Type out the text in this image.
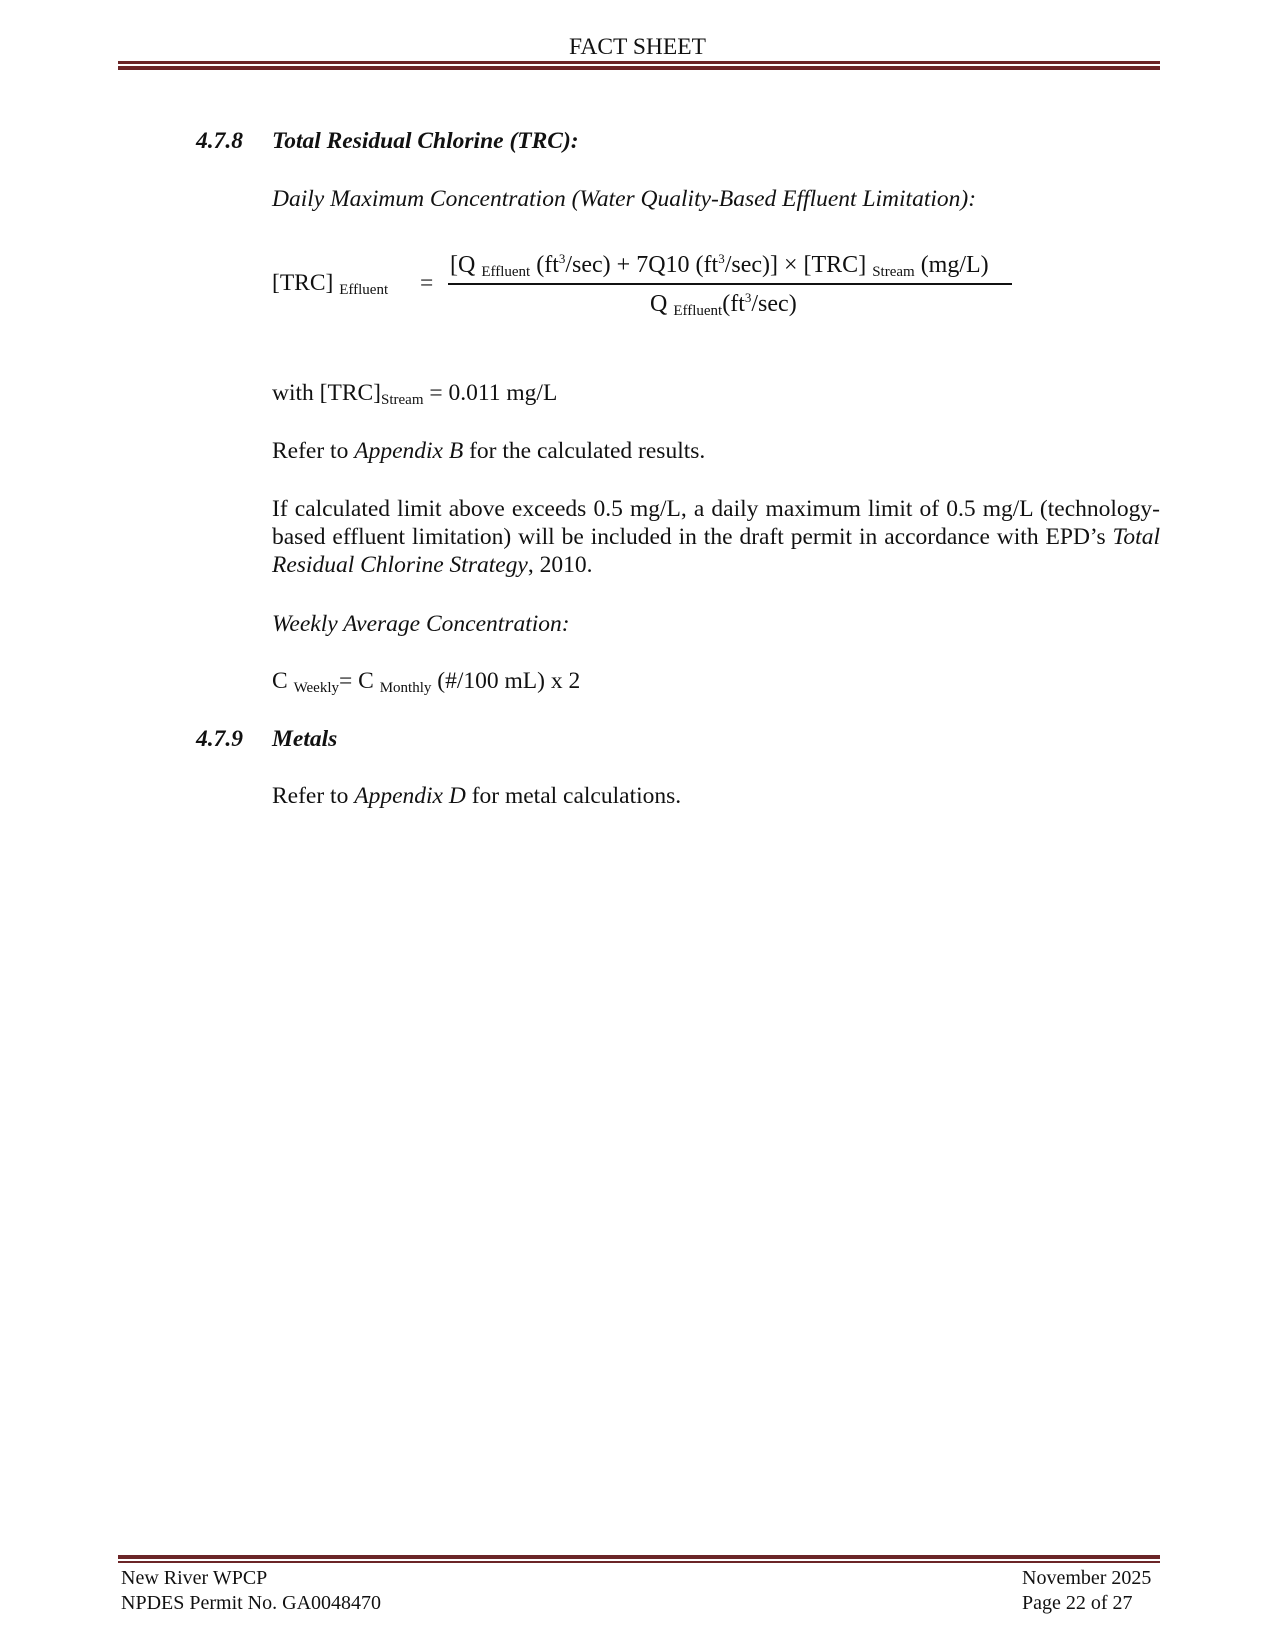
FACT SHEET
4.7.8 Total Residual Chlorine (TRC):
Daily Maximum Concentration (Water Quality-Based Effluent Limitation):
[TRC] $_{Effluent}$ =
[Q $_{Effluent}$ $(ft^3/\sec) + 7Q10$ $(ft^3/\sec)] \times [TRC]$ $_{Stream}$ (mg/L)
Q $_{Effluent}(ft^3/\sec)$
with $[TRC]_{Stream} = 0.011$ mg/L
Refer to Appendix B for the calculated results.
If calculated limit above exceeds 0.5 mg/L, a daily maximum limit of 0.5 mg/L (technology-based effluent limitation) will be included in the draft permit in accordance with EPD’s Total Residual Chlorine Strategy, 2010.
Weekly Average Concentration:
C $_{Weekly}$= C $_{Monthly}$ (#/100 mL) x 2
4.7.9 Metals
Refer to Appendix D for metal calculations.
New River WPCP
NPDES Permit No. GA0048470
November 2025
Page 22 of 27
